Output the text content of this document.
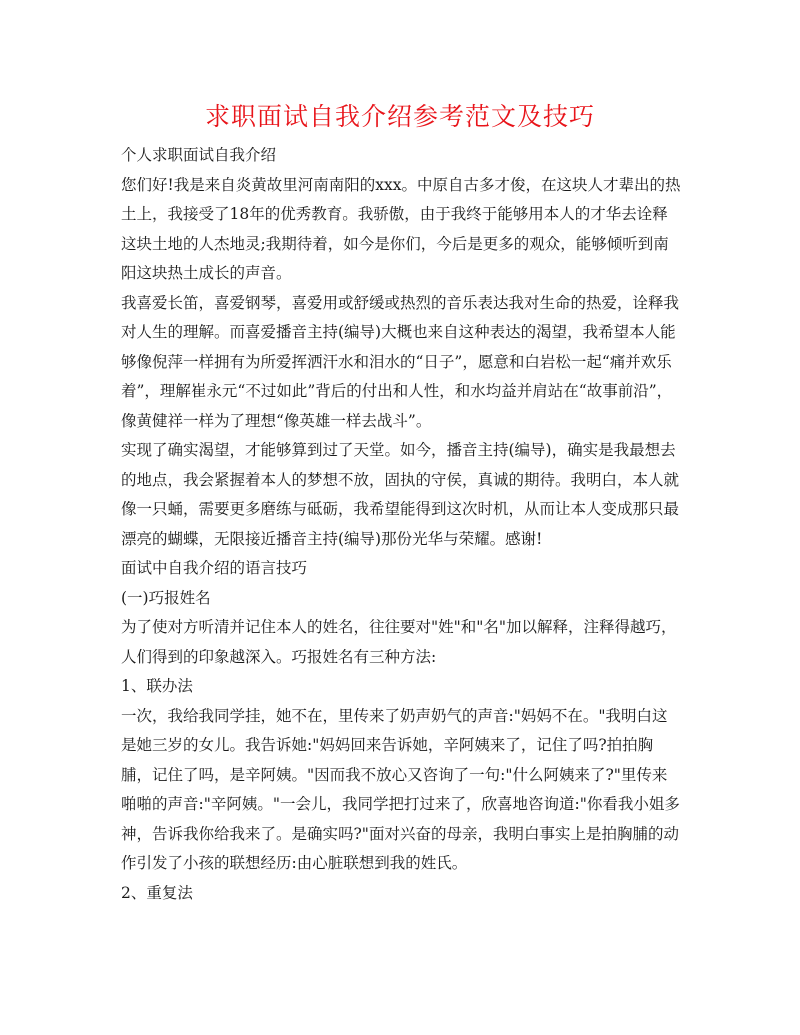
求职面试自我介绍参考范文及技巧

个人求职面试自我介绍

您们好!我是来自炎黄故里河南南阳的xxx。中原自古多才俊，在这块人才辈出的热土上，我接受了18年的优秀教育。我骄傲，由于我终于能够用本人的才华去诠释这块土地的人杰地灵;我期待着，如今是你们，今后是更多的观众，能够倾听到南阳这块热土成长的声音。

我喜爱长笛，喜爱钢琴，喜爱用或舒缓或热烈的音乐表达我对生命的热爱，诠释我对人生的理解。而喜爱播音主持(编导)大概也来自这种表达的渴望，我希望本人能够像倪萍一样拥有为所爱挥洒汗水和泪水的“日子”，愿意和白岩松一起“痛并欢乐着”，理解崔永元“不过如此”背后的付出和人性，和水均益并肩站在“故事前沿”，像黄健祥一样为了理想“像英雄一样去战斗”。

实现了确实渴望，才能够算到过了天堂。如今，播音主持(编导)，确实是我最想去的地点，我会紧握着本人的梦想不放，固执的守侯，真诚的期待。我明白，本人就像一只蛹，需要更多磨练与砥砺，我希望能得到这次时机，从而让本人变成那只最漂亮的蝴蝶，无限接近播音主持(编导)那份光华与荣耀。感谢!

面试中自我介绍的语言技巧

(一)巧报姓名

为了使对方听清并记住本人的姓名，往往要对"姓"和"名"加以解释，注释得越巧，人们得到的印象越深入。巧报姓名有三种方法:

1、联办法

一次，我给我同学挂，她不在，里传来了奶声奶气的声音:"妈妈不在。"我明白这是她三岁的女儿。我告诉她:"妈妈回来告诉她，辛阿姨来了，记住了吗?拍拍胸脯，记住了吗，是辛阿姨。"因而我不放心又咨询了一句:"什么阿姨来了?"里传来啪啪的声音:"辛阿姨。"一会儿，我同学把打过来了，欣喜地咨询道:"你看我小姐多神，告诉我你给我来了。是确实吗?"面对兴奋的母亲，我明白事实上是拍胸脯的动作引发了小孩的联想经历:由心脏联想到我的姓氏。

2、重复法
